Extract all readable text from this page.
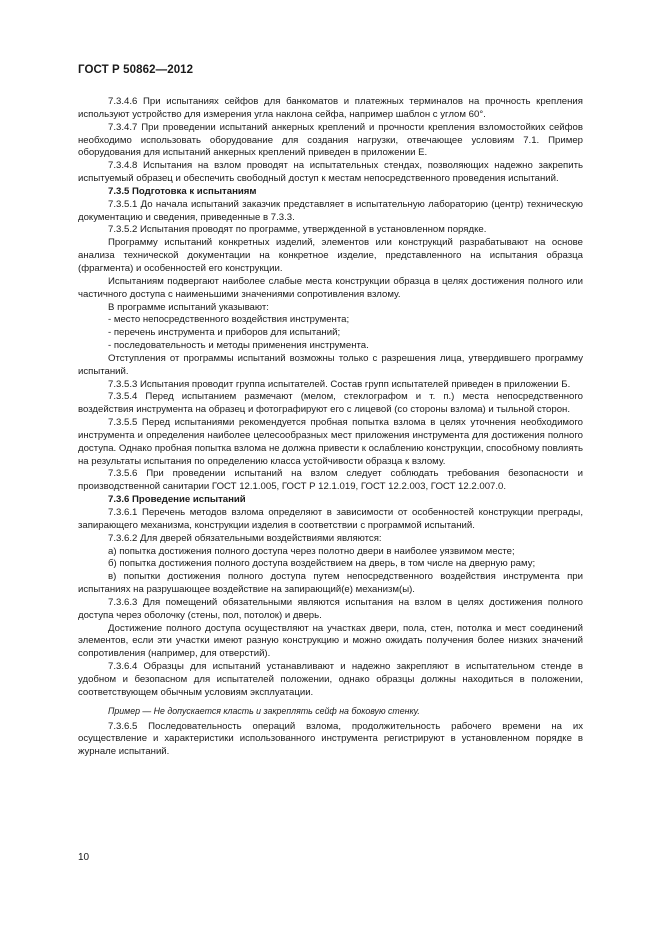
ГОСТ Р 50862—2012

7.3.4.6 При испытаниях сейфов для банкоматов и платежных терминалов на прочность крепления используют устройство для измерения угла наклона сейфа, например шаблон с углом 60°.

7.3.4.7 При проведении испытаний анкерных креплений и прочности крепления взломостойких сейфов необходимо использовать оборудование для создания нагрузки, отвечающее условиям 7.1. Пример оборудования для испытаний анкерных креплений приведен в приложении Е.

7.3.4.8 Испытания на взлом проводят на испытательных стендах, позволяющих надежно закрепить испытуемый образец и обеспечить свободный доступ к местам непосредственного проведения испытаний.

7.3.5 Подготовка к испытаниям

7.3.5.1 До начала испытаний заказчик представляет в испытательную лабораторию (центр) техническую документацию и сведения, приведенные в 7.3.3.

7.3.5.2 Испытания проводят по программе, утвержденной в установленном порядке.

Программу испытаний конкретных изделий, элементов или конструкций разрабатывают на основе анализа технической документации на конкретное изделие, представленного на испытания образца (фрагмента) и особенностей его конструкции.

Испытаниям подвергают наиболее слабые места конструкции образца в целях достижения полного или частичного доступа с наименьшими значениями сопротивления взлому.

В программе испытаний указывают:

- место непосредственного воздействия инструмента;

- перечень инструмента и приборов для испытаний;

- последовательность и методы применения инструмента.

Отступления от программы испытаний возможны только с разрешения лица, утвердившего программу испытаний.

7.3.5.3 Испытания проводит группа испытателей. Состав групп испытателей приведен в приложении Б.

7.3.5.4 Перед испытанием размечают (мелом, стеклографом и т. п.) места непосредственного воздействия инструмента на образец и фотографируют его с лицевой (со стороны взлома) и тыльной сторон.

7.3.5.5 Перед испытаниями рекомендуется пробная попытка взлома в целях уточнения необходимого инструмента и определения наиболее целесообразных мест приложения инструмента для достижения полного доступа. Однако пробная попытка взлома не должна привести к ослаблению конструкции, способному повлиять на результаты испытания по определению класса устойчивости образца к взлому.

7.3.5.6 При проведении испытаний на взлом следует соблюдать требования безопасности и производственной санитарии ГОСТ 12.1.005, ГОСТ Р 12.1.019, ГОСТ 12.2.003, ГОСТ 12.2.007.0.

7.3.6 Проведение испытаний

7.3.6.1 Перечень методов взлома определяют в зависимости от особенностей конструкции преграды, запирающего механизма, конструкции изделия в соответствии с программой испытаний.

7.3.6.2 Для дверей обязательными воздействиями являются:

а) попытка достижения полного доступа через полотно двери в наиболее уязвимом месте;

б) попытка достижения полного доступа воздействием на дверь, в том числе на дверную раму;

в) попытки достижения полного доступа путем непосредственного воздействия инструмента при испытаниях на разрушающее воздействие на запирающий(е) механизм(ы).

7.3.6.3 Для помещений обязательными являются испытания на взлом в целях достижения полного доступа через оболочку (стены, пол, потолок) и дверь.

Достижение полного доступа осуществляют на участках двери, пола, стен, потолка и мест соединений элементов, если эти участки имеют разную конструкцию и можно ожидать получения более низких значений сопротивления (например, для отверстий).

7.3.6.4 Образцы для испытаний устанавливают и надежно закрепляют в испытательном стенде в удобном и безопасном для испытателей положении, однако образцы должны находиться в положении, соответствующем обычным условиям эксплуатации.

Пример — Не допускается класть и закреплять сейф на боковую стенку.

7.3.6.5 Последовательность операций взлома, продолжительность рабочего времени на их осуществление и характеристики использованного инструмента регистрируют в установленном порядке в журнале испытаний.

10
